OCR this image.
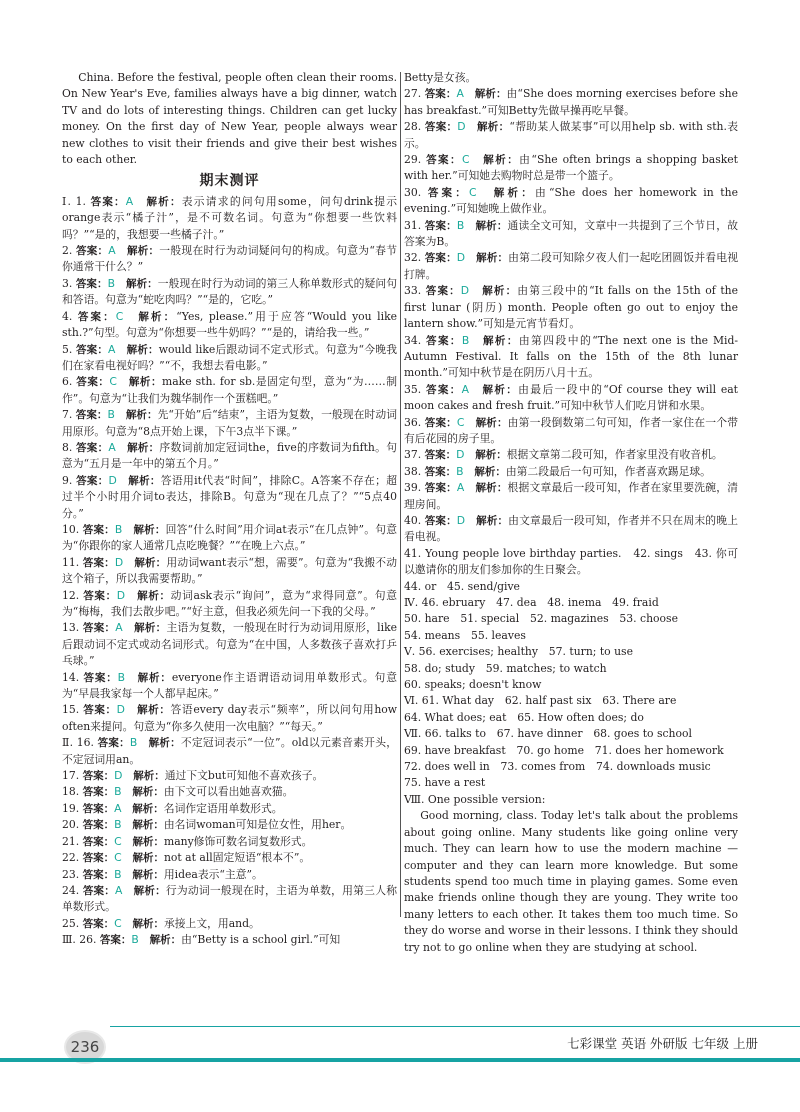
China. Before the festival, people often clean their rooms. On New Year's Eve, families always have a big dinner, watch TV and do lots of interesting things. Children can get lucky money. On the first day of New Year, people always wear new clothes to visit their friends and give their best wishes to each other.

期末测评

Ⅰ. 1. 答案：A　 解析：表示请求的问句用some，问句drink提示orange表示“橘子汁”，是不可数名词。句意为“你想要一些饮料吗？”“是的，我想要一些橘子汁。”

2. 答案：A　 解析：一般现在时行为动词疑问句的构成。句意为“春节你通常干什么？”

3. 答案：B　 解析：一般现在时行为动词的第三人称单数形式的疑问句和答语。句意为“蛇吃肉吗？”“是的，它吃。”

4. 答案：C　 解析：“Yes, please.”用于应答“Would you like sth.?”句型。句意为“你想要一些牛奶吗？”“是的，请给我一些。”

5. 答案：A　 解析：would like后跟动词不定式形式。句意为“今晚我们在家看电视好吗？”“不，我想去看电影。”

6. 答案：C　 解析：make sth. for sb.是固定句型，意为“为……制作”。句意为“让我们为魏华制作一个蛋糕吧。”

7. 答案：B　 解析：先“开始”后“结束”，主语为复数，一般现在时动词用原形。句意为“8点开始上课，下午3点半下课。”

8. 答案：A　 解析：序数词前加定冠词the，five的序数词为fifth。句意为“五月是一年中的第五个月。”

9. 答案：D　 解析：答语用it代表“时间”，排除C。A答案不存在；超过半个小时用介词to表达，排除B。句意为“现在几点了？”“5点40分。”

10. 答案：B　 解析：回答“什么时间”用介词at表示“在几点钟”。句意为“你跟你的家人通常几点吃晚餐？”“在晚上六点。”

11. 答案：D　 解析：用动词want表示“想，需要”。句意为“我搬不动这个箱子，所以我需要帮助。”

12. 答案：D　 解析：动词ask表示“询问”，意为“求得同意”。句意为“梅梅，我们去散步吧。”“好主意，但我必须先问一下我的父母。”

13. 答案：A　 解析：主语为复数，一般现在时行为动词用原形，like后跟动词不定式或动名词形式。句意为“在中国，人多数孩子喜欢打乒乓球。”

14. 答案：B　 解析：everyone作主语谓语动词用单数形式。句意为“早晨我家每一个人都早起床。”

15. 答案：D　 解析：答语every day表示“频率”，所以问句用how often来提问。句意为“你多久使用一次电脑？”“每天。”

Ⅱ. 16. 答案：B　 解析：不定冠词表示“一位”。old以元素音素开头，不定冠词用an。

17. 答案：D　 解析：通过下文but可知他不喜欢孩子。

18. 答案：B　 解析：由下文可以看出她喜欢猫。

19. 答案：A　 解析：名词作定语用单数形式。

20. 答案：B　 解析：由名词woman可知是位女性，用her。

21. 答案：C　 解析：many修饰可数名词复数形式。

22. 答案：C　 解析：not at all固定短语“根本不”。

23. 答案：B　 解析：用idea表示“主意”。

24. 答案：A　 解析：行为动词一般现在时，主语为单数，用第三人称单数形式。

25. 答案：C　 解析：承接上文，用and。

Ⅲ. 26. 答案：B　 解析：由“Betty is a school girl.”可知

Betty是女孩。

27. 答案：A　 解析：由“She does morning exercises before she has breakfast.”可知Betty先做早操再吃早餐。

28. 答案：D　 解析：“帮助某人做某事”可以用help sb. with sth.表示。

29. 答案：C　 解析：由“She often brings a shopping basket with her.”可知她去购物时总是带一个篮子。

30. 答案：C　 解析：由“She does her homework in the evening.”可知她晚上做作业。

31. 答案：B　 解析：通读全文可知，文章中一共提到了三个节日，故答案为B。

32. 答案：D　 解析：由第二段可知除夕夜人们一起吃团圆饭并看电视打牌。

33. 答案：D　 解析：由第三段中的“It falls on the 15th of the first lunar (阴历) month. People often go out to enjoy the lantern show.”可知是元宵节看灯。

34. 答案：B　 解析：由第四段中的“The next one is the Mid-Autumn Festival. It falls on the 15th of the 8th lunar month.”可知中秋节是在阴历八月十五。

35. 答案：A　 解析：由最后一段中的“Of course they will eat moon cakes and fresh fruit.”可知中秋节人们吃月饼和水果。

36. 答案：C　 解析：由第一段倒数第二句可知，作者一家住在一个带有后花园的房子里。

37. 答案：D　 解析：根据文章第二段可知，作者家里没有收音机。

38. 答案：B　 解析：由第二段最后一句可知，作者喜欢踢足球。

39. 答案：A　 解析：根据文章最后一段可知，作者在家里要洗碗，清理房间。

40. 答案：D　 解析：由文章最后一段可知，作者并不只在周末的晚上看电视。

41. Young people love birthday parties.　42. sings　43. 你可以邀请你的朋友们参加你的生日聚会。

44. or　45. send/give

Ⅳ. 46. ebruary　47. dea　48. inema　49. fraid

50. hare　51. special　52. magazines　53. choose

54. means　55. leaves

Ⅴ. 56. exercises; healthy　57. turn; to use

58. do; study　59. matches; to watch

60. speaks; doesn't know

Ⅵ. 61. What day　62. half past six　63. There are

64. What does; eat　65. How often does; do

Ⅶ. 66. talks to　67. have dinner　68. goes to school

69. have breakfast　70. go home　71. does her homework

72. does well in　73. comes from　74. downloads music

75. have a rest

Ⅷ. One possible version:

Good morning, class. Today let's talk about the problems about going online. Many students like going online very much. They can learn how to use the modern machine — computer and they can learn more knowledge. But some students spend too much time in playing games. Some even make friends online though they are young. They write too many letters to each other. It takes them too much time. So they do worse and worse in their lessons. I think they should try not to go online when they are studying at school.

236	七彩课堂 英语 外研版 七年级 上册
